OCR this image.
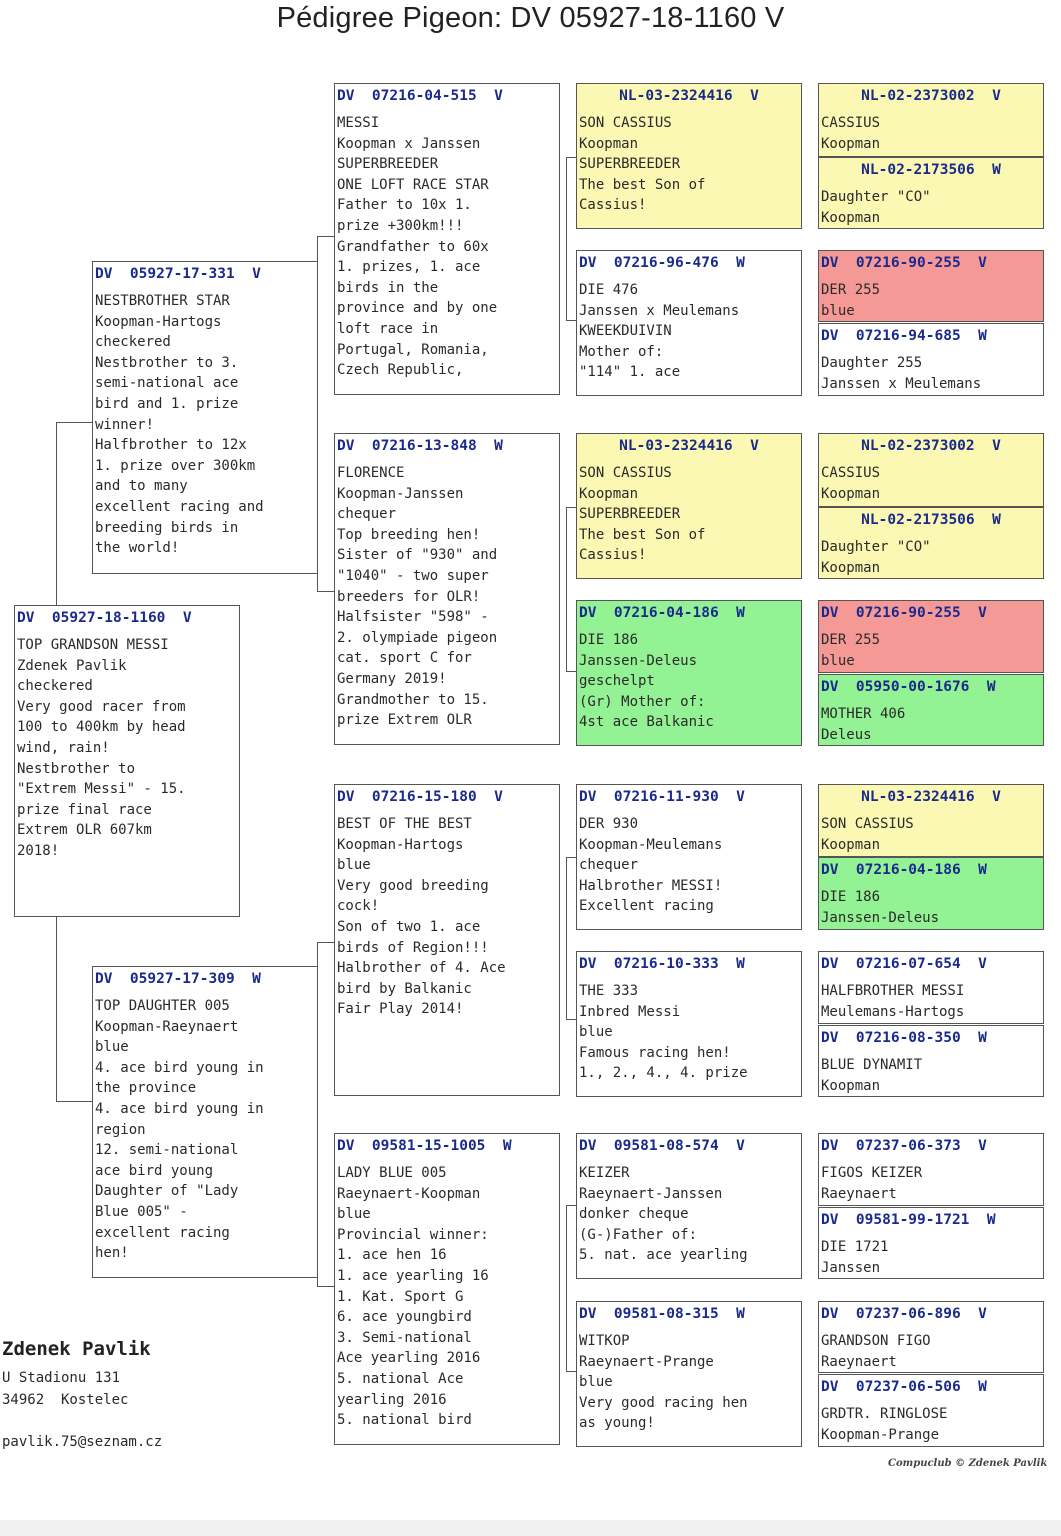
Pédigree Pigeon: DV 05927-18-1160 V
DV  05927-18-1160  V
TOP GRANDSON MESSI
Zdenek Pavlik
checkered
Very good racer from
100 to 400km by head
wind, rain!
Nestbrother to
"Extrem Messi" - 15.
prize final race
Extrem OLR 607km
2018!
DV  05927-17-331  V
NESTBROTHER STAR
Koopman-Hartogs
checkered
Nestbrother to 3.
semi-national ace
bird and 1. prize
winner!
Halfbrother to 12x
1. prize over 300km
and to many
excellent racing and
breeding birds in
the world!
DV  05927-17-309  W
TOP DAUGHTER 005
Koopman-Raeynaert
blue
4. ace bird young in
the province
4. ace bird young in
region
12. semi-national
ace bird young
Daughter of "Lady
Blue 005" -
excellent racing
hen!
DV  07216-04-515  V
MESSI
Koopman x Janssen
SUPERBREEDER
ONE LOFT RACE STAR
Father to 10x 1.
prize +300km!!!
Grandfather to 60x
1. prizes, 1. ace
birds in the
province and by one
loft race in
Portugal, Romania,
Czech Republic,
DV  07216-13-848  W
FLORENCE
Koopman-Janssen
chequer
Top breeding hen!
Sister of "930" and
"1040" - two super
breeders for OLR!
Halfsister "598" -
2. olympiade pigeon
cat. sport C for
Germany 2019!
Grandmother to 15.
prize Extrem OLR
DV  07216-15-180  V
BEST OF THE BEST
Koopman-Hartogs
blue
Very good breeding
cock!
Son of two 1. ace
birds of Region!!!
Halbrother of 4. Ace
bird by Balkanic
Fair Play 2014!
DV  09581-15-1005  W
LADY BLUE 005
Raeynaert-Koopman
blue
Provincial winner:
1. ace hen 16
1. ace yearling 16
1. Kat. Sport G
6. ace youngbird
3. Semi-national
Ace yearling 2016
5. national Ace
yearling 2016
5. national bird
NL-03-2324416  V
SON CASSIUS
Koopman
SUPERBREEDER
The best Son of
Cassius!
DV  07216-96-476  W
DIE 476
Janssen x Meulemans
KWEEKDUIVIN
Mother of:
"114" 1. ace
NL-03-2324416  V
SON CASSIUS
Koopman
SUPERBREEDER
The best Son of
Cassius!
DV  07216-04-186  W
DIE 186
Janssen-Deleus
geschelpt
(Gr) Mother of:
4st ace Balkanic
DV  07216-11-930  V
DER 930
Koopman-Meulemans
chequer
Halbrother MESSI!
Excellent racing
DV  07216-10-333  W
THE 333
Inbred Messi
blue
Famous racing hen!
1., 2., 4., 4. prize
DV  09581-08-574  V
KEIZER
Raeynaert-Janssen
donker cheque
(G-)Father of:
5. nat. ace yearling
DV  09581-08-315  W
WITKOP
Raeynaert-Prange
blue
Very good racing hen
as young!
NL-02-2373002  V
CASSIUS
Koopman
NL-02-2173506  W
Daughter "CO"
Koopman
DV  07216-90-255  V
DER 255
blue
DV  07216-94-685  W
Daughter 255
Janssen x Meulemans
NL-02-2373002  V
CASSIUS
Koopman
NL-02-2173506  W
Daughter "CO"
Koopman
DV  07216-90-255  V
DER 255
blue
DV  05950-00-1676  W
MOTHER 406
Deleus
NL-03-2324416  V
SON CASSIUS
Koopman
DV  07216-04-186  W
DIE 186
Janssen-Deleus
DV  07216-07-654  V
HALFBROTHER MESSI
Meulemans-Hartogs
DV  07216-08-350  W
BLUE DYNAMIT
Koopman
DV  07237-06-373  V
FIGOS KEIZER
Raeynaert
DV  09581-99-1721  W
DIE 1721
Janssen
DV  07237-06-896  V
GRANDSON FIGO
Raeynaert
DV  07237-06-506  W
GRDTR. RINGLOSE
Koopman-Prange
Zdenek Pavlik
U Stadionu 131
34962  Kostelec
pavlik.75@seznam.cz
Compuclub © Zdenek Pavlik
